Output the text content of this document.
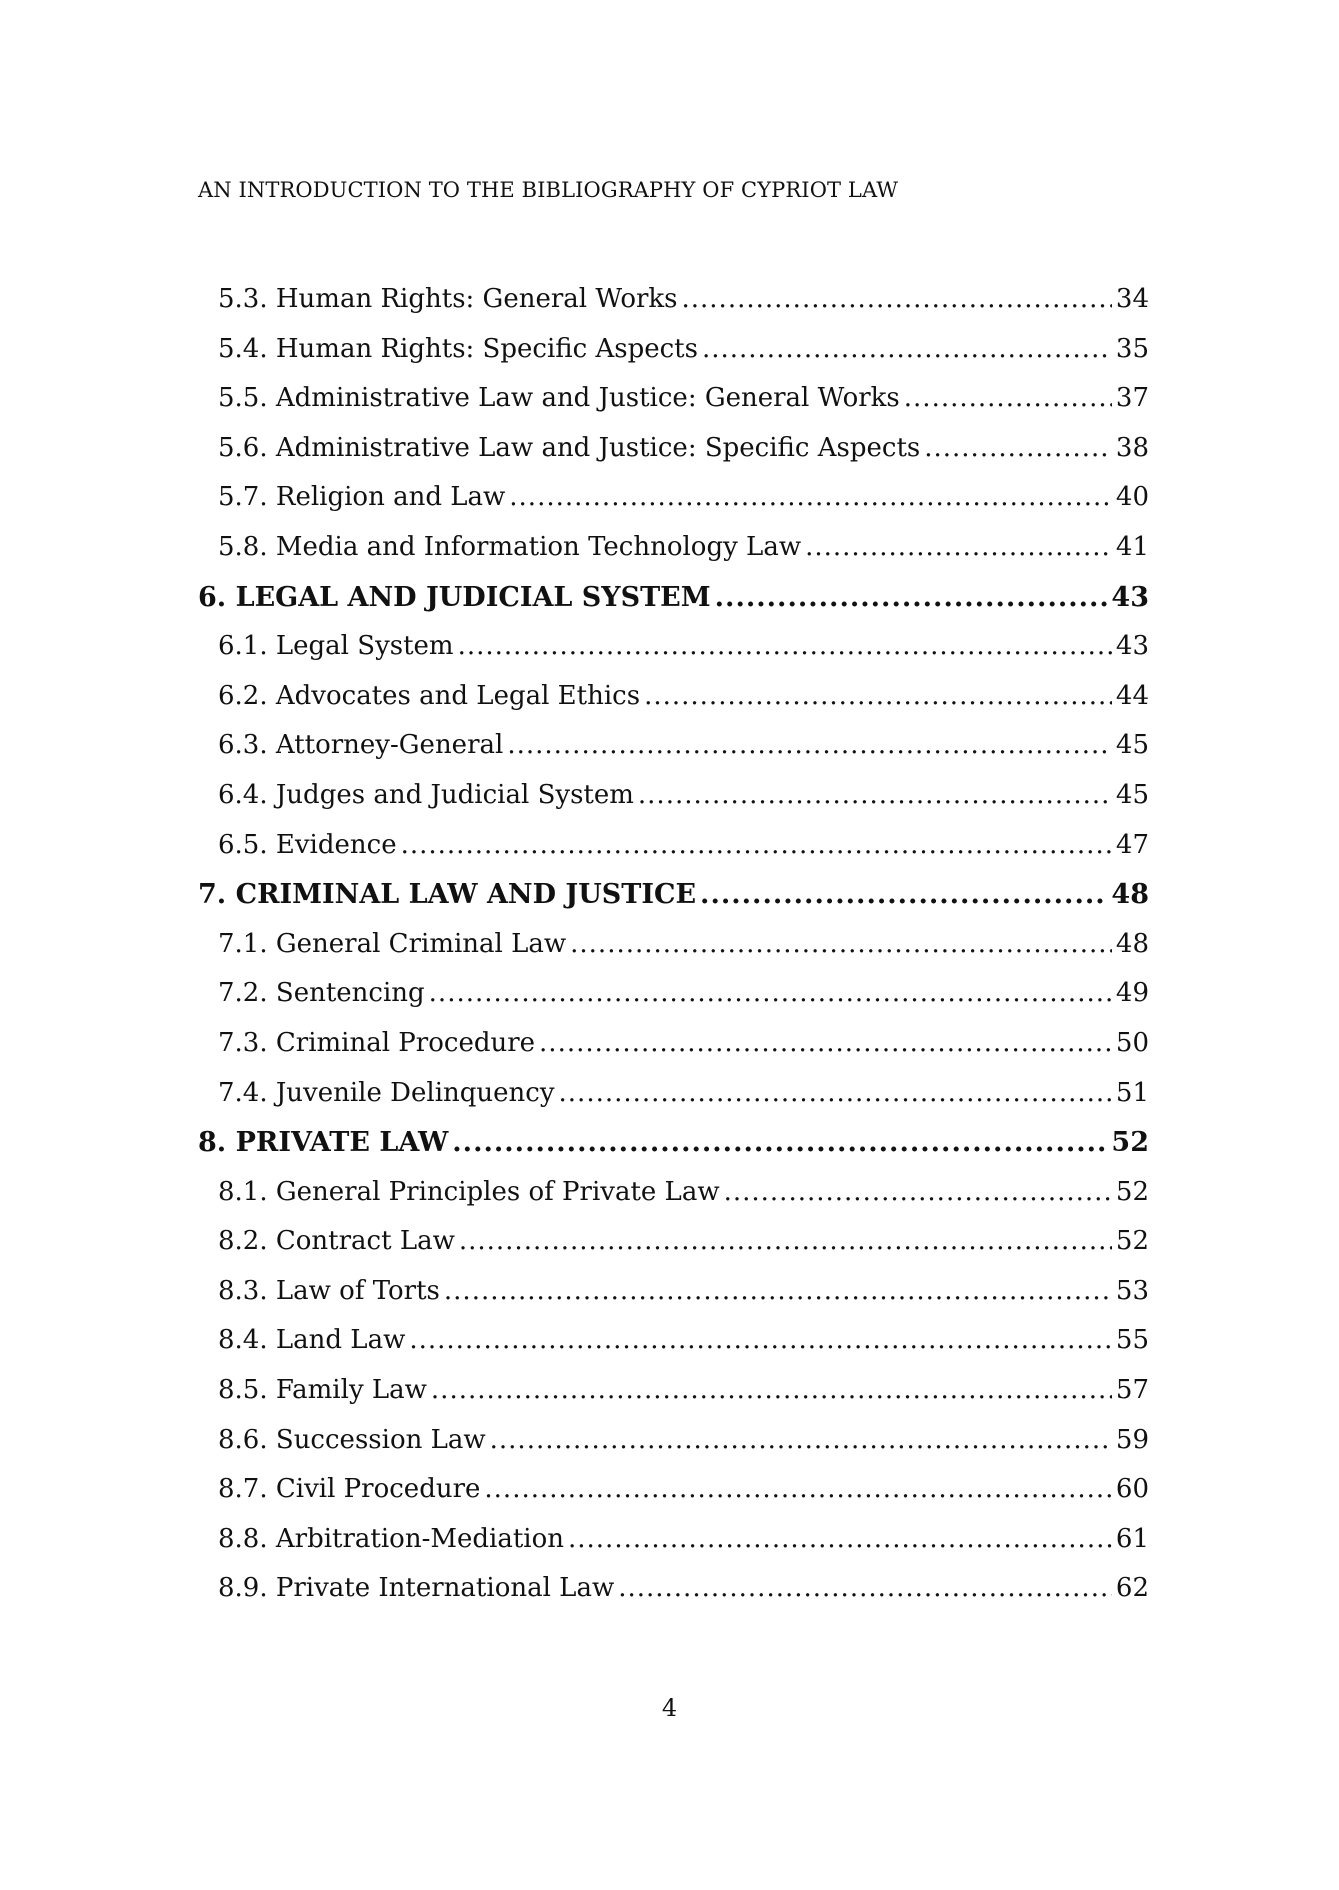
AN INTRODUCTION TO THE BIBLIOGRAPHY OF CYPRIOT LAW
5.3. Human Rights: General Works .....	34
5.4. Human Rights: Specific Aspects .....	35
5.5. Administrative Law and Justice: General Works .....	37
5.6. Administrative Law and Justice: Specific Aspects .....	38
5.7. Religion and Law .....	40
5.8. Media and Information Technology Law .....	41
6. LEGAL AND JUDICIAL SYSTEM .....	43
6.1. Legal System .....	43
6.2. Advocates and Legal Ethics .....	44
6.3. Attorney-General .....	45
6.4. Judges and Judicial System .....	45
6.5. Evidence .....	47
7. CRIMINAL LAW AND JUSTICE .....	48
7.1. General Criminal Law .....	48
7.2. Sentencing .....	49
7.3. Criminal Procedure .....	50
7.4. Juvenile Delinquency .....	51
8. PRIVATE LAW .....	52
8.1. General Principles of Private Law .....	52
8.2. Contract Law .....	52
8.3. Law of Torts .....	53
8.4. Land Law .....	55
8.5. Family Law .....	57
8.6. Succession Law .....	59
8.7. Civil Procedure .....	60
8.8. Arbitration-Mediation .....	61
8.9. Private International Law .....	62
4
